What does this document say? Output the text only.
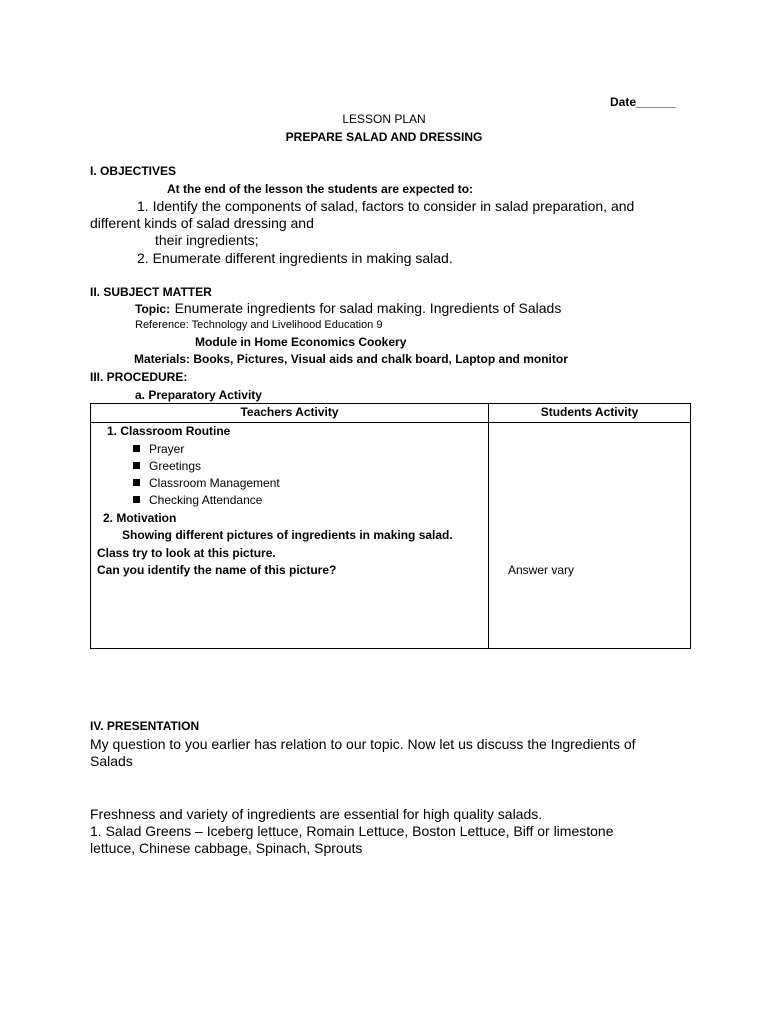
Date______
LESSON PLAN
PREPARE SALAD AND DRESSING
I. OBJECTIVES
At the end of the lesson the students are expected to:
1. Identify the components of salad, factors to consider in salad preparation, and
different kinds of salad dressing and
their ingredients;
2. Enumerate different ingredients in making salad.
II. SUBJECT MATTER
Topic: Enumerate ingredients for salad making. Ingredients of Salads
Reference: Technology and Livelihood Education 9
Module in Home Economics Cookery
Materials: Books, Pictures, Visual aids and chalk board, Laptop and monitor
III. PROCEDURE:
a. Preparatory Activity
Teachers Activity	Students Activity
1. Classroom Routine
Prayer
Greetings
Classroom Management
Checking Attendance
2. Motivation
Showing different pictures of ingredients in making salad.
Class try to look at this picture.
Can you identify the name of this picture?	Answer vary
IV. PRESENTATION
My question to you earlier has relation to our topic. Now let us discuss the Ingredients of
Salads
Freshness and variety of ingredients are essential for high quality salads.
1. Salad Greens – Iceberg lettuce, Romain Lettuce, Boston Lettuce, Biff or limestone
lettuce, Chinese cabbage, Spinach, Sprouts
